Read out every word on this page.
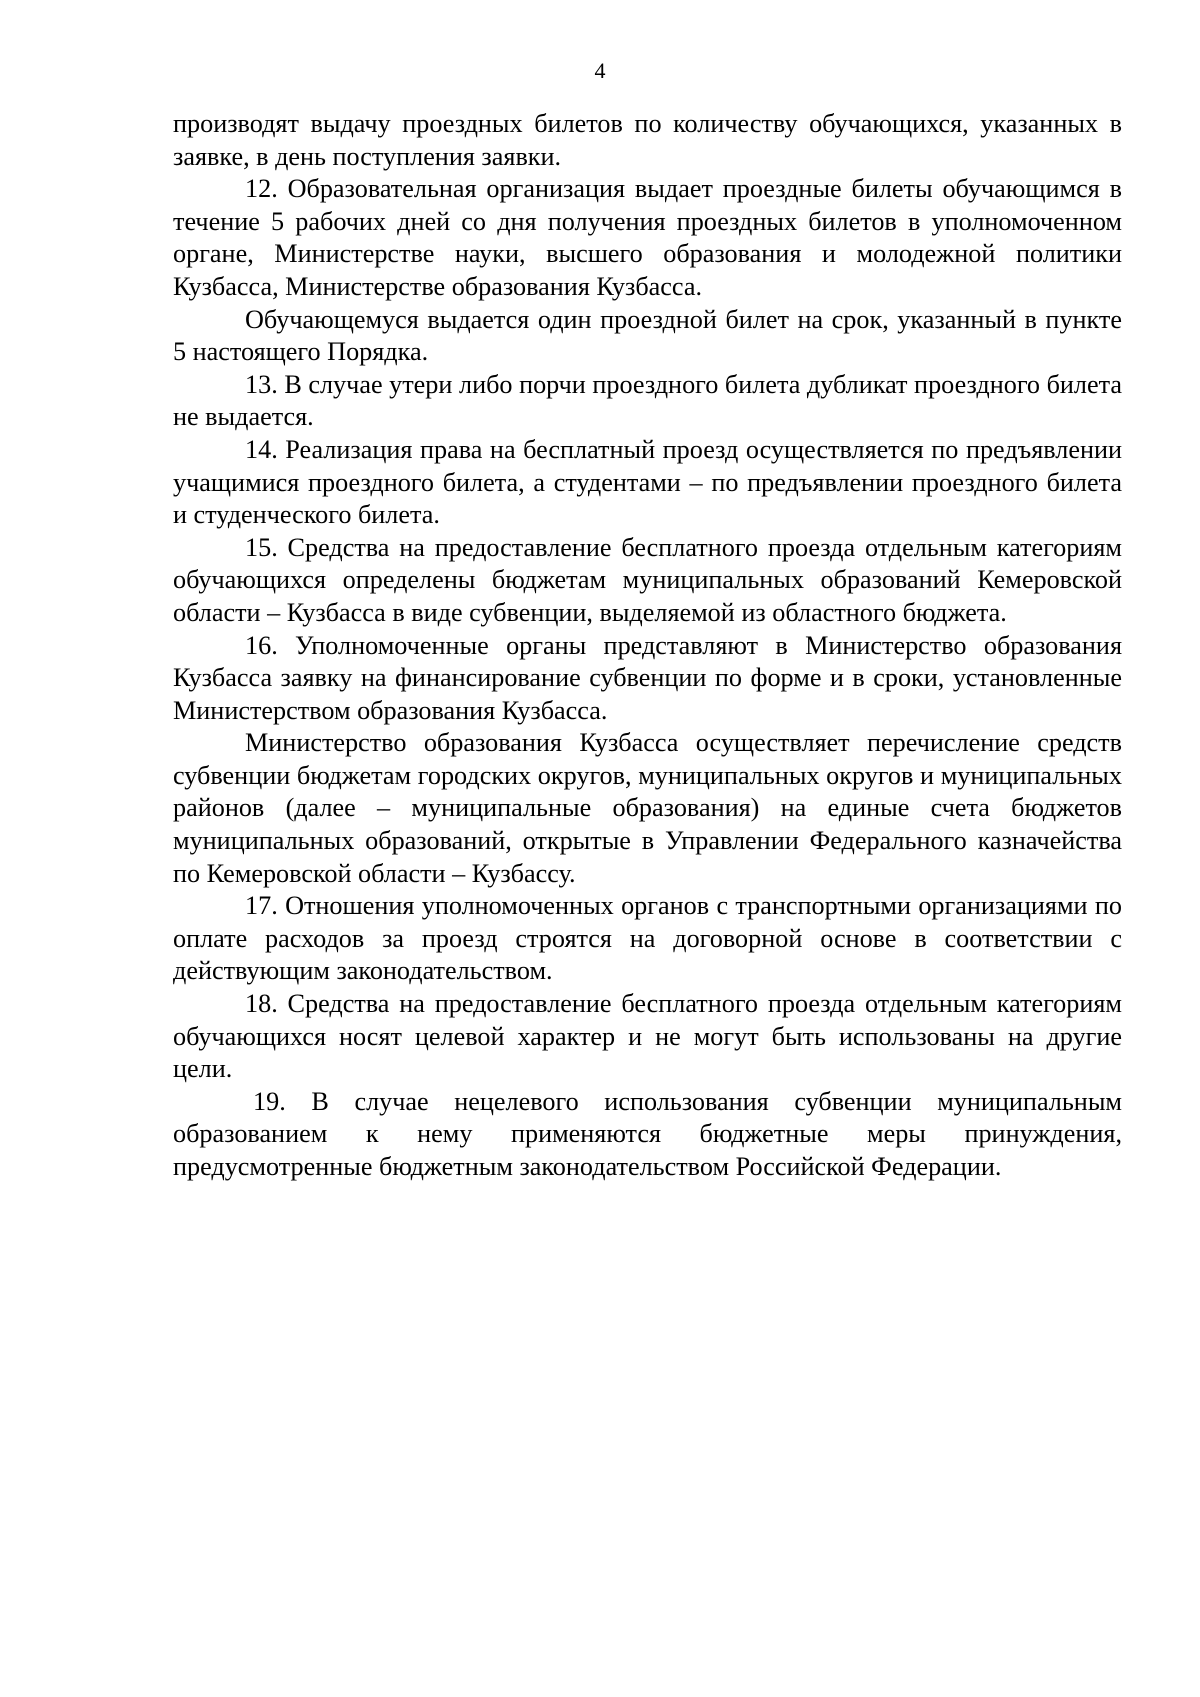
4

производят выдачу проездных билетов по количеству обучающихся, указанных в заявке, в день поступления заявки.

12. Образовательная организация выдает проездные билеты обучающимся в течение 5 рабочих дней со дня получения проездных билетов в уполномоченном органе, Министерстве науки, высшего образования и молодежной политики Кузбасса, Министерстве образования Кузбасса.

Обучающемуся выдается один проездной билет на срок, указанный в пункте 5 настоящего Порядка.

13. В случае утери либо порчи проездного билета дубликат проездного билета не выдается.

14. Реализация права на бесплатный проезд осуществляется по предъявлении учащимися проездного билета, а студентами – по предъявлении проездного билета и студенческого билета.

15. Средства на предоставление бесплатного проезда отдельным категориям обучающихся определены бюджетам муниципальных образований Кемеровской области – Кузбасса в виде субвенции, выделяемой из областного бюджета.

16. Уполномоченные органы представляют в Министерство образования Кузбасса заявку на финансирование субвенции по форме и в сроки, установленные Министерством образования Кузбасса.

Министерство образования Кузбасса осуществляет перечисление средств субвенции бюджетам городских округов, муниципальных округов и муниципальных районов (далее – муниципальные образования) на единые счета бюджетов муниципальных образований, открытые в Управлении Федерального казначейства по Кемеровской области – Кузбассу.

17. Отношения уполномоченных органов с транспортными организациями по оплате расходов за проезд строятся на договорной основе в соответствии с действующим законодательством.

18. Средства на предоставление бесплатного проезда отдельным категориям обучающихся носят целевой характер и не могут быть использованы на другие цели.

19. В случае нецелевого использования субвенции муниципальным образованием к нему применяются бюджетные меры принуждения, предусмотренные бюджетным законодательством Российской Федерации.
